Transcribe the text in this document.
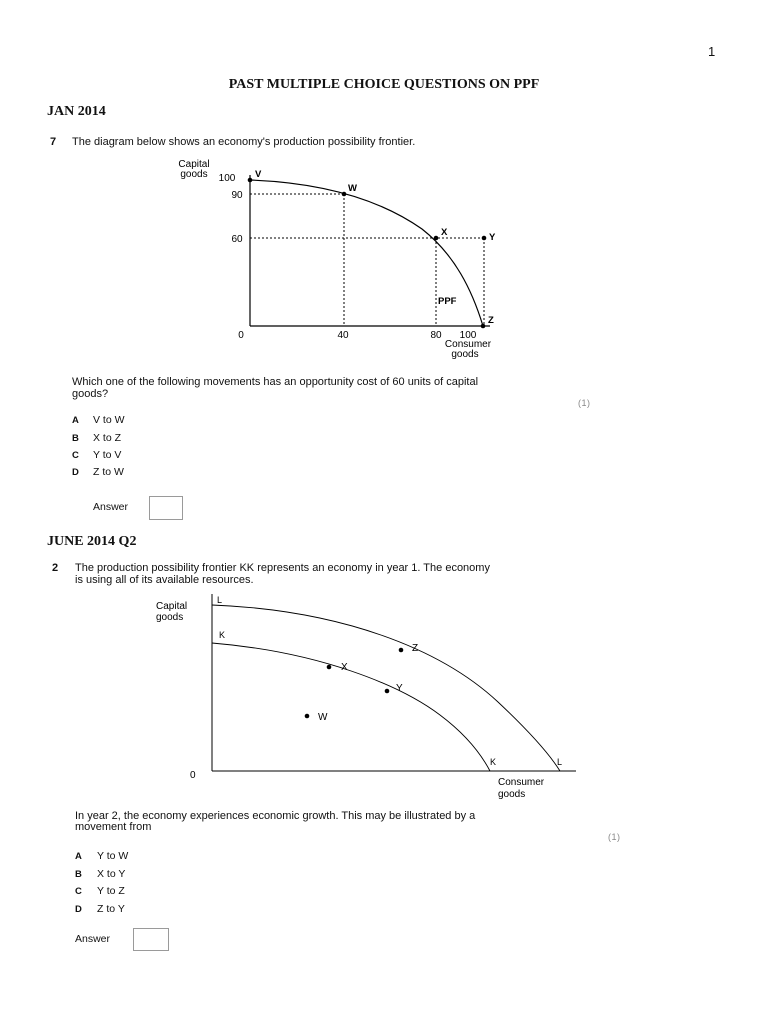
1
PAST MULTIPLE CHOICE QUESTIONS ON PPF
JAN 2014
7 The diagram below shows an economy's production possibility frontier.
Capital
goods 100
90
60
0	40	80 100
Consumer
goods
PPF
V
W
X	Y
Z
Which one of the following movements has an opportunity cost of 60 units of capital
goods?
(1)
A V to W
B X to Z
C Y to V
D Z to W
Answer
JUNE 2014 Q2
2 The production possibility frontier KK represents an economy in year 1. The economy
is using all of its available resources.
Capital
goods
0
Consumer
goods
L
K
K	L
W
X
Y
Z
In year 2, the economy experiences economic growth. This may be illustrated by a
movement from
(1)
A Y to W
B X to Y
C Y to Z
D Z to Y
Answer
